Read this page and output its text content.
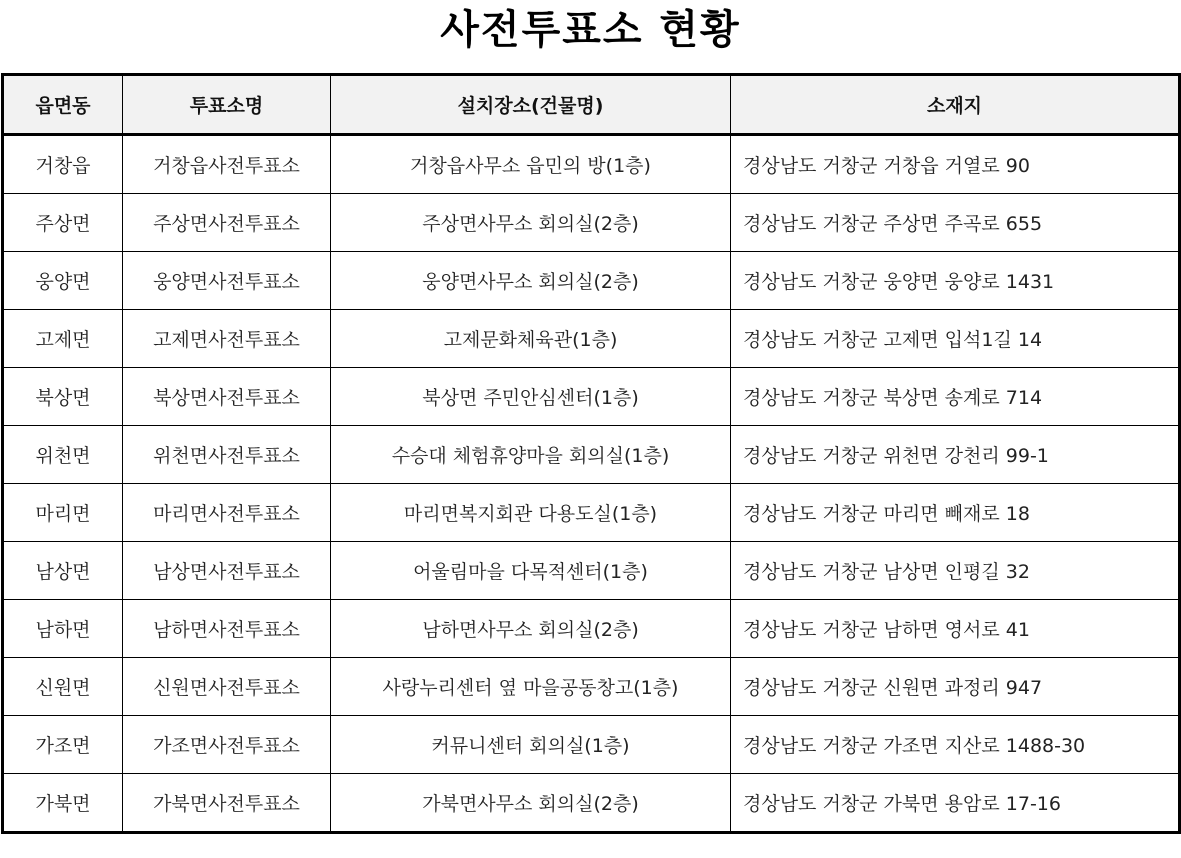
사전투표소 현황
읍면동	투표소명	설치장소(건물명)	소재지
거창읍	거창읍사전투표소	거창읍사무소 읍민의 방(1층)	경상남도 거창군 거창읍 거열로 90
주상면	주상면사전투표소	주상면사무소 회의실(2층)	경상남도 거창군 주상면 주곡로 655
웅양면	웅양면사전투표소	웅양면사무소 회의실(2층)	경상남도 거창군 웅양면 웅양로 1431
고제면	고제면사전투표소	고제문화체육관(1층)	경상남도 거창군 고제면 입석1길 14
북상면	북상면사전투표소	북상면 주민안심센터(1층)	경상남도 거창군 북상면 송계로 714
위천면	위천면사전투표소	수승대 체험휴양마을 회의실(1층)	경상남도 거창군 위천면 강천리 99-1
마리면	마리면사전투표소	마리면복지회관 다용도실(1층)	경상남도 거창군 마리면 빼재로 18
남상면	남상면사전투표소	어울림마을 다목적센터(1층)	경상남도 거창군 남상면 인평길 32
남하면	남하면사전투표소	남하면사무소 회의실(2층)	경상남도 거창군 남하면 영서로 41
신원면	신원면사전투표소	사랑누리센터 옆 마을공동창고(1층)	경상남도 거창군 신원면 과정리 947
가조면	가조면사전투표소	커뮤니센터 회의실(1층)	경상남도 거창군 가조면 지산로 1488-30
가북면	가북면사전투표소	가북면사무소 회의실(2층)	경상남도 거창군 가북면 용암로 17-16
